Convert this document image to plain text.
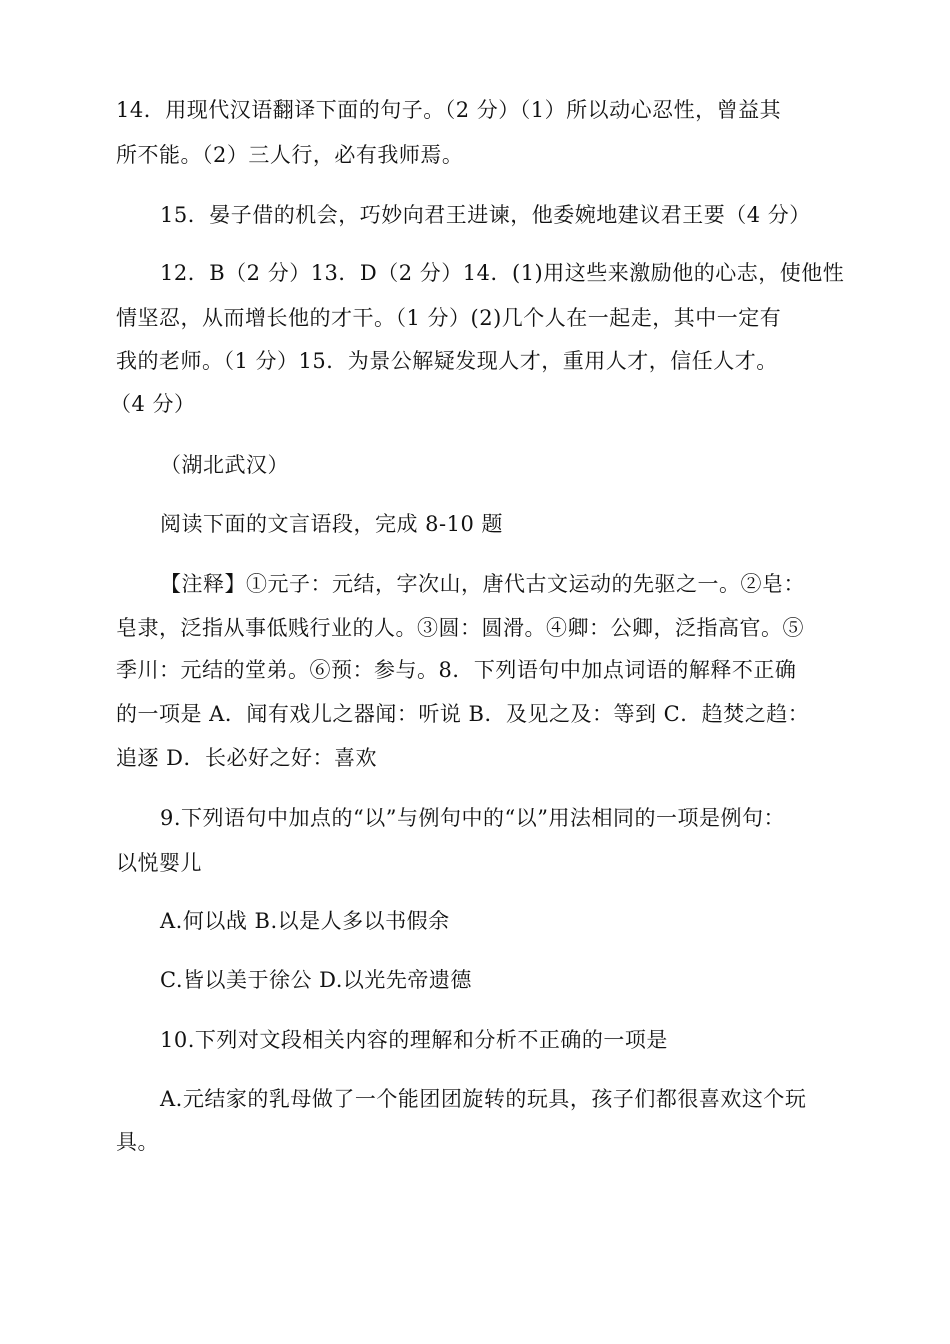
14．用现代汉语翻译下面的句子。（2 分）（1）所以动心忍性，曾益其
所不能。（2）三人行，必有我师焉。
15．晏子借的机会，巧妙向君王进谏，他委婉地建议君王要（4 分）
12．B（2 分）13．D（2 分）14．(1)用这些来激励他的心志，使他性
情坚忍，从而增长他的才干。（1 分）(2)几个人在一起走，其中一定有
我的老师。（1 分）15．为景公解疑发现人才，重用人才，信任人才。
（4 分）
（湖北武汉）
阅读下面的文言语段，完成 8-10 题
【注释】①元子：元结，字次山，唐代古文运动的先驱之一。②皂：
皂隶，泛指从事低贱行业的人。③圆：圆滑。④卿：公卿，泛指高官。⑤
季川：元结的堂弟。⑥预：参与。8．下列语句中加点词语的解释不正确
的一项是 A．闻有戏儿之器闻：听说 B．及见之及：等到 C．趋焚之趋：
追逐 D．长必好之好：喜欢
9.下列语句中加点的“以”与例句中的“以”用法相同的一项是例句：
以悦婴儿
A.何以战 B.以是人多以书假余
C.皆以美于徐公 D.以光先帝遗德
10.下列对文段相关内容的理解和分析不正确的一项是
A.元结家的乳母做了一个能团团旋转的玩具，孩子们都很喜欢这个玩
具。
